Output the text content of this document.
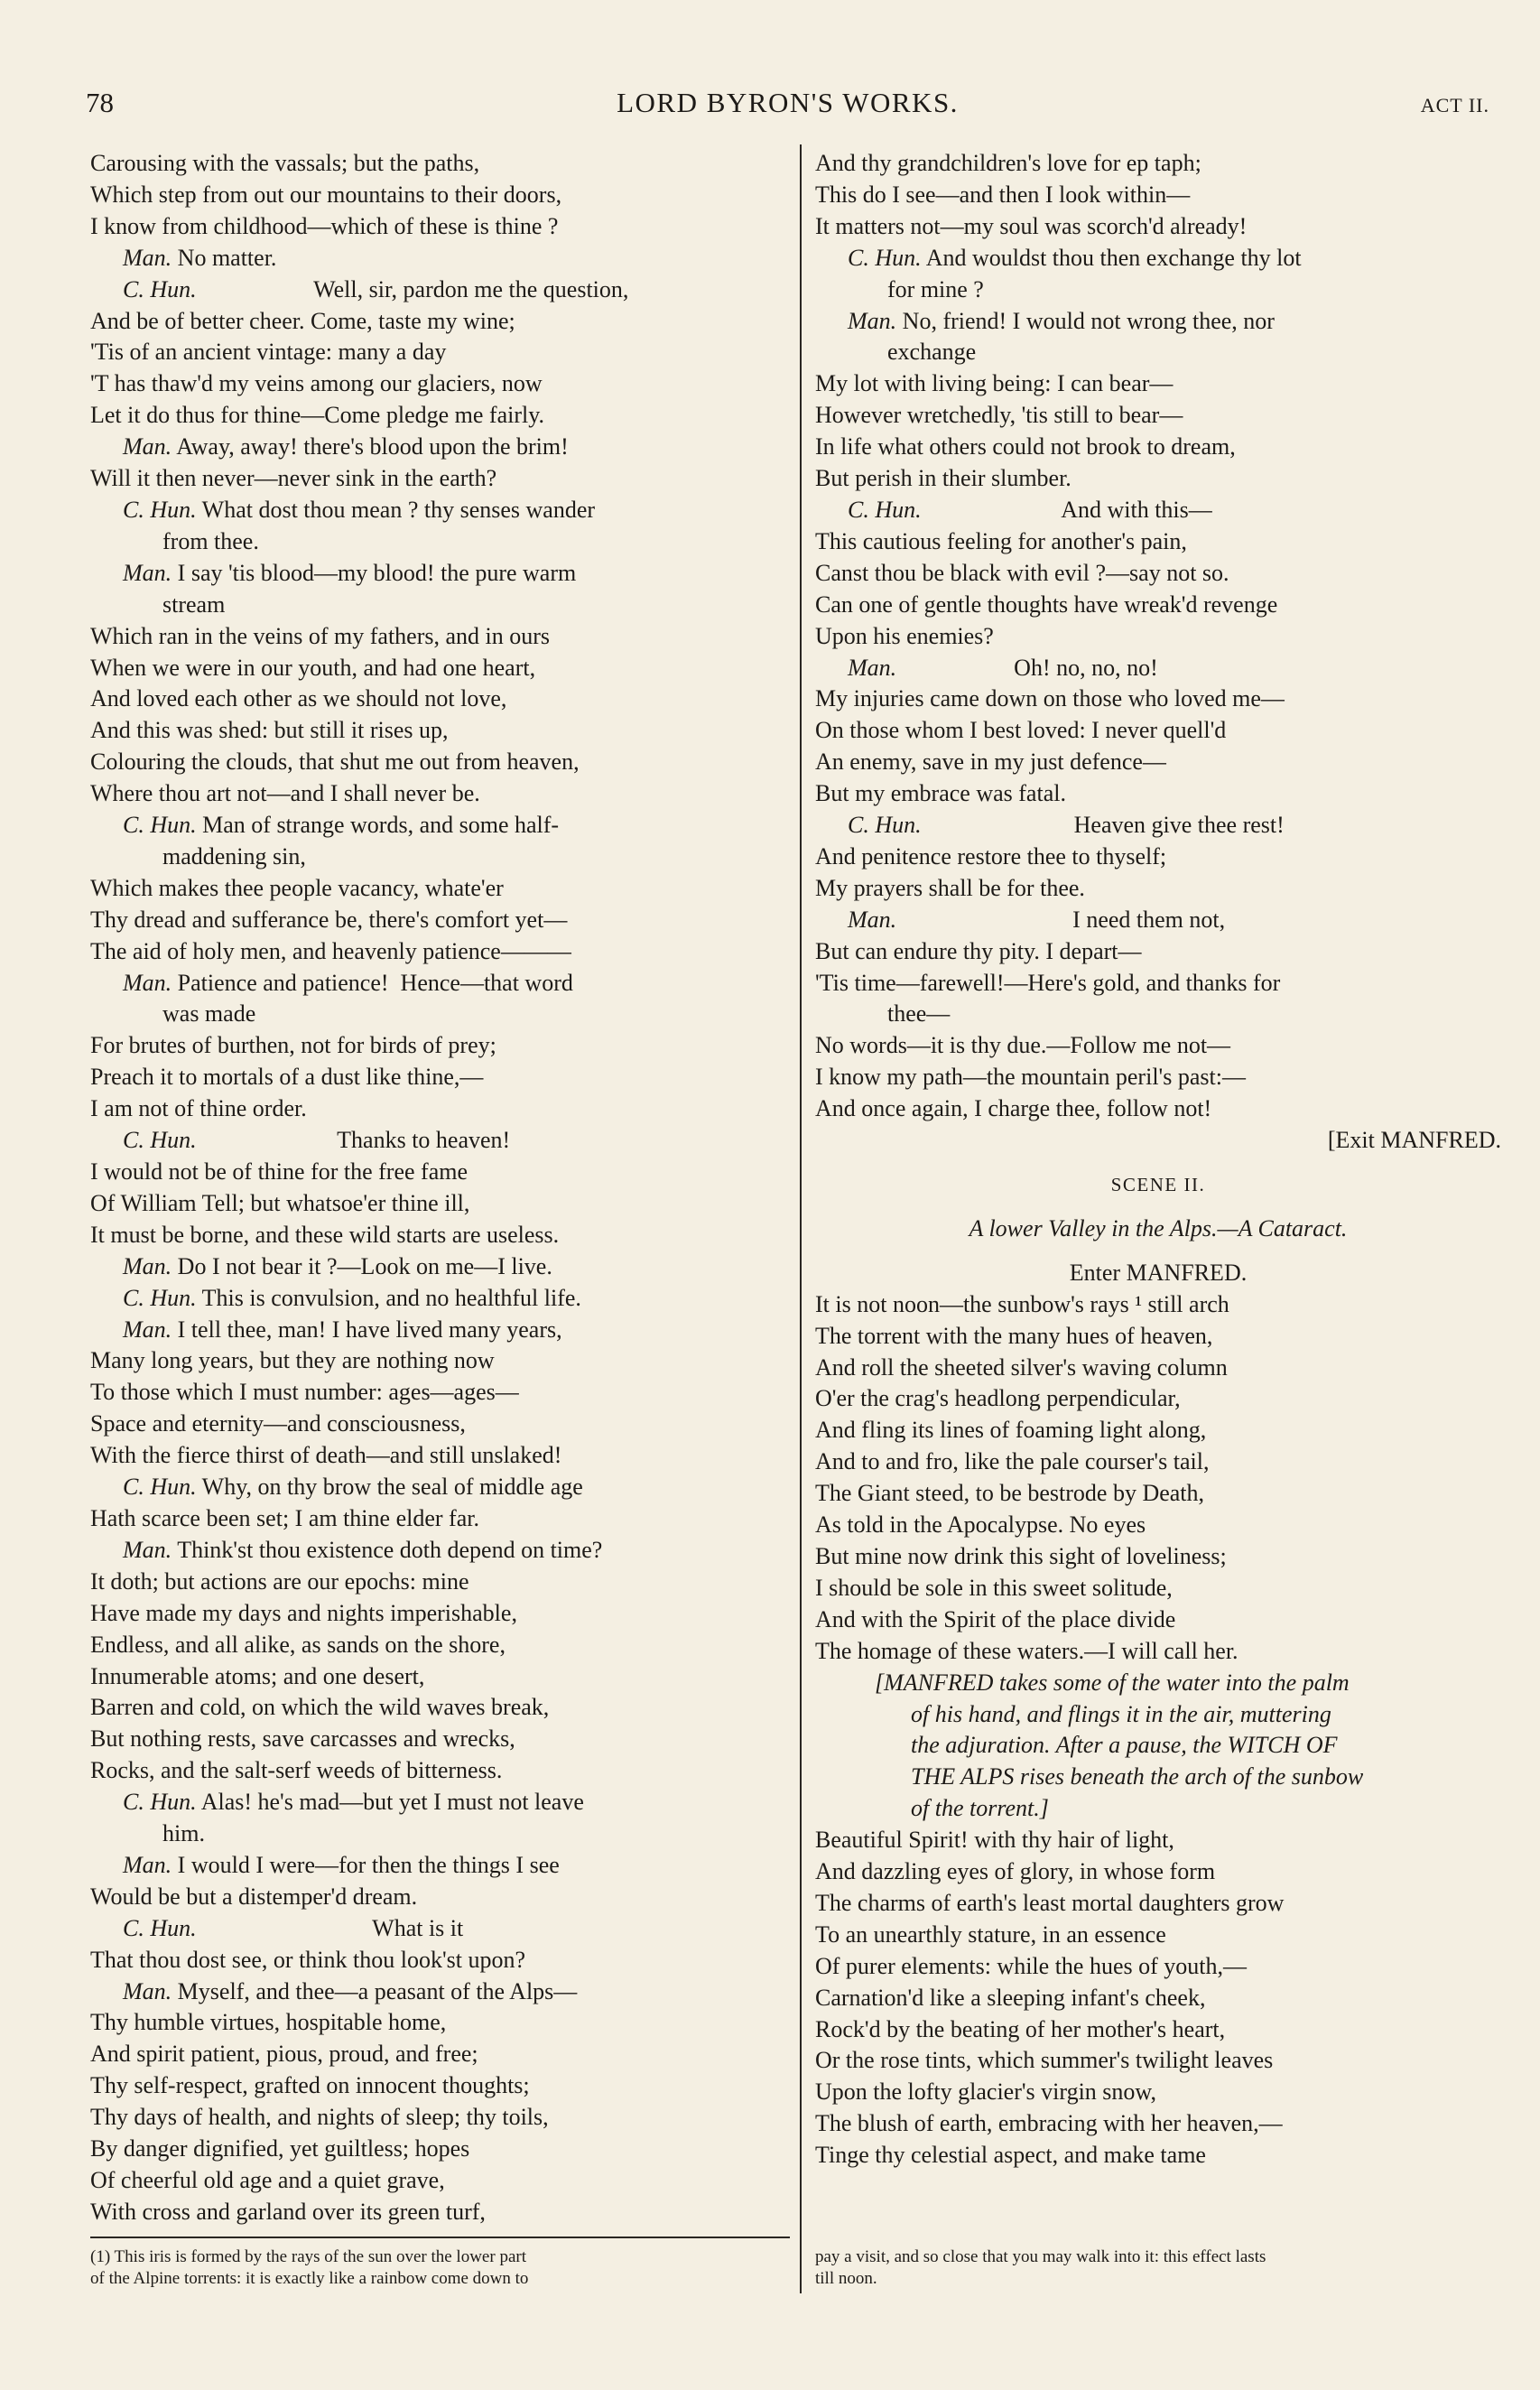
78	LORD BYRON'S WORKS.	ACT II.
Carousing with the vassals; but the paths,
Which step from out our mountains to their doors,
I know from childhood—which of these is thine ?
Man. No matter.
C. Hun.                    Well, sir, pardon me the question,
And be of better cheer. Come, taste my wine;
'Tis of an ancient vintage: many a day
'T has thaw'd my veins among our glaciers, now
Let it do thus for thine—Come pledge me fairly.
Man. Away, away! there's blood upon the brim!
Will it then never—never sink in the earth?
C. Hun. What dost thou mean ? thy senses wander
from thee.
Man. I say 'tis blood—my blood! the pure warm
stream
Which ran in the veins of my fathers, and in ours
When we were in our youth, and had one heart,
And loved each other as we should not love,
And this was shed: but still it rises up,
Colouring the clouds, that shut me out from heaven,
Where thou art not—and I shall never be.
C. Hun. Man of strange words, and some half-
maddening sin,
Which makes thee people vacancy, whate'er
Thy dread and sufferance be, there's comfort yet—
The aid of holy men, and heavenly patience———
Man. Patience and patience!  Hence—that word
was made
For brutes of burthen, not for birds of prey;
Preach it to mortals of a dust like thine,—
I am not of thine order.
C. Hun.                        Thanks to heaven!
I would not be of thine for the free fame
Of William Tell; but whatsoe'er thine ill,
It must be borne, and these wild starts are useless.
Man. Do I not bear it ?—Look on me—I live.
C. Hun. This is convulsion, and no healthful life.
Man. I tell thee, man! I have lived many years,
Many long years, but they are nothing now
To those which I must number: ages—ages—
Space and eternity—and consciousness,
With the fierce thirst of death—and still unslaked!
C. Hun. Why, on thy brow the seal of middle age
Hath scarce been set; I am thine elder far.
Man. Think'st thou existence doth depend on time?
It doth; but actions are our epochs: mine
Have made my days and nights imperishable,
Endless, and all alike, as sands on the shore,
Innumerable atoms; and one desert,
Barren and cold, on which the wild waves break,
But nothing rests, save carcasses and wrecks,
Rocks, and the salt-serf weeds of bitterness.
C. Hun. Alas! he's mad—but yet I must not leave
him.
Man. I would I were—for then the things I see
Would be but a distemper'd dream.
C. Hun.                              What is it
That thou dost see, or think thou look'st upon?
Man. Myself, and thee—a peasant of the Alps—
Thy humble virtues, hospitable home,
And spirit patient, pious, proud, and free;
Thy self-respect, grafted on innocent thoughts;
Thy days of health, and nights of sleep; thy toils,
By danger dignified, yet guiltless; hopes
Of cheerful old age and a quiet grave,
With cross and garland over its green turf,
And thy grandchildren's love for ep taph;
This do I see—and then I look within—
It matters not—my soul was scorch'd already!
C. Hun. And wouldst thou then exchange thy lot
for mine ?
Man. No, friend! I would not wrong thee, nor
exchange
My lot with living being: I can bear—
However wretchedly, 'tis still to bear—
In life what others could not brook to dream,
But perish in their slumber.
C. Hun.                        And with this—
This cautious feeling for another's pain,
Canst thou be black with evil ?—say not so.
Can one of gentle thoughts have wreak'd revenge
Upon his enemies?
Man.                    Oh! no, no, no!
My injuries came down on those who loved me—
On those whom I best loved: I never quell'd
An enemy, save in my just defence—
But my embrace was fatal.
C. Hun.                          Heaven give thee rest!
And penitence restore thee to thyself;
My prayers shall be for thee.
Man.                              I need them not,
But can endure thy pity. I depart—
'Tis time—farewell!—Here's gold, and thanks for
thee—
No words—it is thy due.—Follow me not—
I know my path—the mountain peril's past:—
And once again, I charge thee, follow not!
[Exit MANFRED.
SCENE II.
A lower Valley in the Alps.—A Cataract.
Enter MANFRED.
It is not noon—the sunbow's rays ¹ still arch
The torrent with the many hues of heaven,
And roll the sheeted silver's waving column
O'er the crag's headlong perpendicular,
And fling its lines of foaming light along,
And to and fro, like the pale courser's tail,
The Giant steed, to be bestrode by Death,
As told in the Apocalypse. No eyes
But mine now drink this sight of loveliness;
I should be sole in this sweet solitude,
And with the Spirit of the place divide
The homage of these waters.—I will call her.
[MANFRED takes some of the water into the palm
of his hand, and flings it in the air, muttering
the adjuration. After a pause, the WITCH OF
THE ALPS rises beneath the arch of the sunbow
of the torrent.]
Beautiful Spirit! with thy hair of light,
And dazzling eyes of glory, in whose form
The charms of earth's least mortal daughters grow
To an unearthly stature, in an essence
Of purer elements: while the hues of youth,—
Carnation'd like a sleeping infant's cheek,
Rock'd by the beating of her mother's heart,
Or the rose tints, which summer's twilight leaves
Upon the lofty glacier's virgin snow,
The blush of earth, embracing with her heaven,—
Tinge thy celestial aspect, and make tame
(1) This iris is formed by the rays of the sun over the lower part
of the Alpine torrents: it is exactly like a rainbow come down to
pay a visit, and so close that you may walk into it: this effect lasts
till noon.
